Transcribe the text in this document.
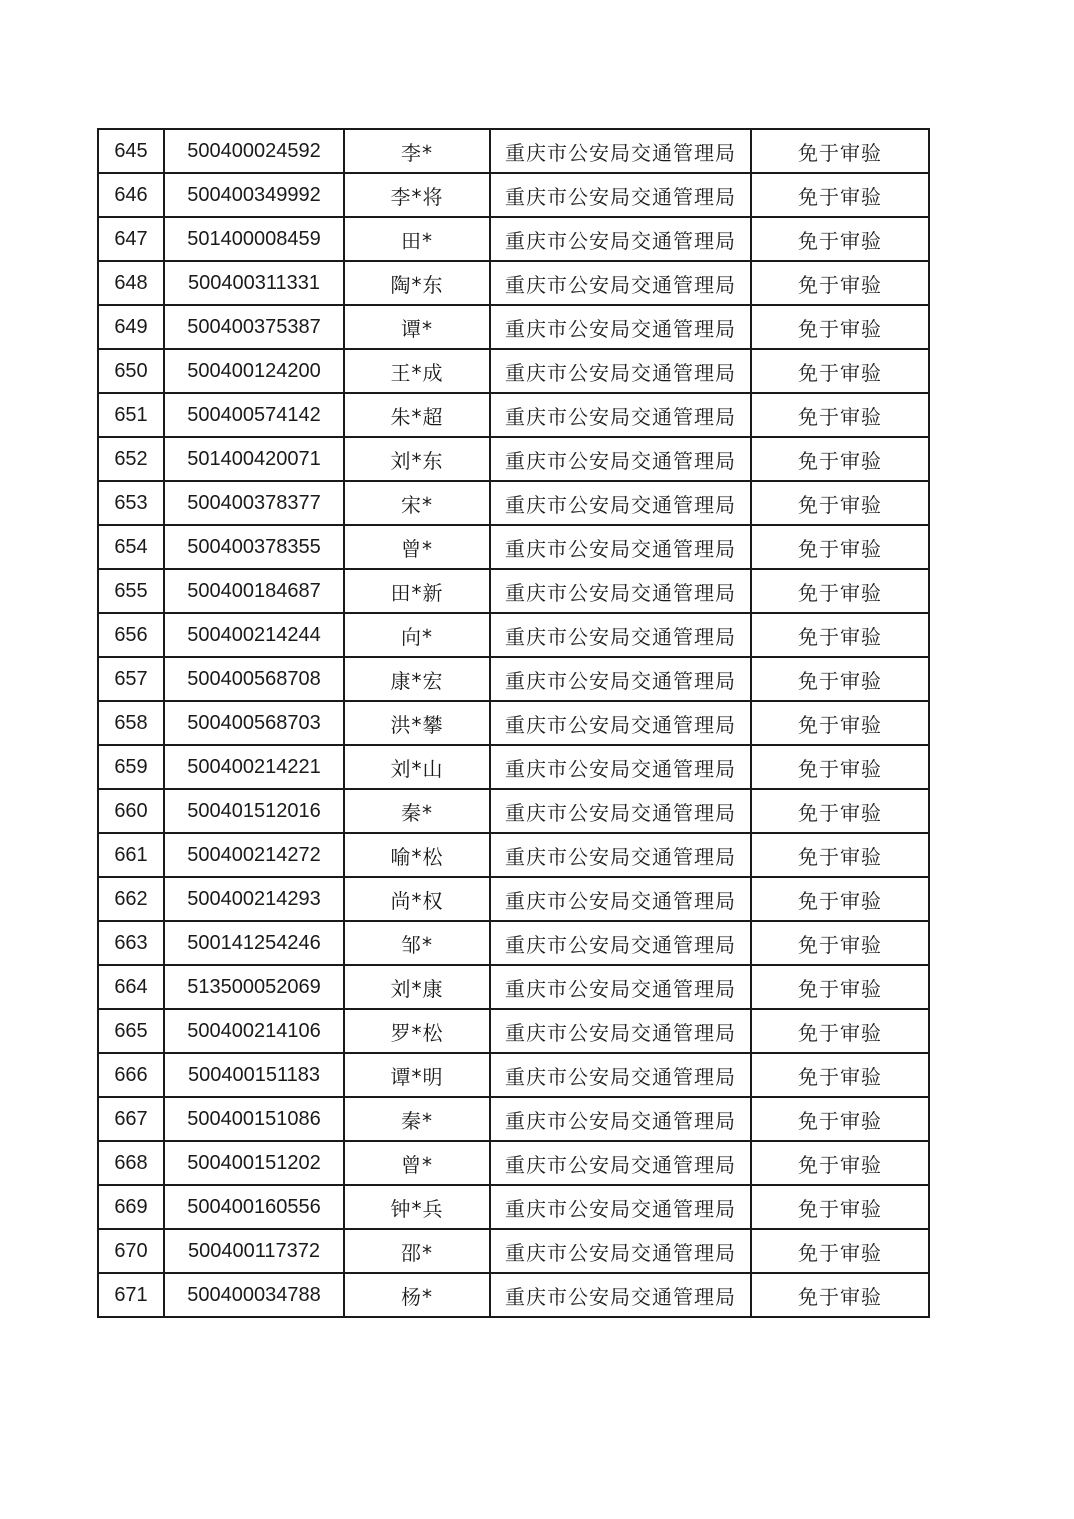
645	500400024592	李*	重庆市公安局交通管理局	免于审验
646	500400349992	李*将	重庆市公安局交通管理局	免于审验
647	501400008459	田*	重庆市公安局交通管理局	免于审验
648	500400311331	陶*东	重庆市公安局交通管理局	免于审验
649	500400375387	谭*	重庆市公安局交通管理局	免于审验
650	500400124200	王*成	重庆市公安局交通管理局	免于审验
651	500400574142	朱*超	重庆市公安局交通管理局	免于审验
652	501400420071	刘*东	重庆市公安局交通管理局	免于审验
653	500400378377	宋*	重庆市公安局交通管理局	免于审验
654	500400378355	曾*	重庆市公安局交通管理局	免于审验
655	500400184687	田*新	重庆市公安局交通管理局	免于审验
656	500400214244	向*	重庆市公安局交通管理局	免于审验
657	500400568708	康*宏	重庆市公安局交通管理局	免于审验
658	500400568703	洪*攀	重庆市公安局交通管理局	免于审验
659	500400214221	刘*山	重庆市公安局交通管理局	免于审验
660	500401512016	秦*	重庆市公安局交通管理局	免于审验
661	500400214272	喻*松	重庆市公安局交通管理局	免于审验
662	500400214293	尚*权	重庆市公安局交通管理局	免于审验
663	500141254246	邹*	重庆市公安局交通管理局	免于审验
664	513500052069	刘*康	重庆市公安局交通管理局	免于审验
665	500400214106	罗*松	重庆市公安局交通管理局	免于审验
666	500400151183	谭*明	重庆市公安局交通管理局	免于审验
667	500400151086	秦*	重庆市公安局交通管理局	免于审验
668	500400151202	曾*	重庆市公安局交通管理局	免于审验
669	500400160556	钟*兵	重庆市公安局交通管理局	免于审验
670	500400117372	邵*	重庆市公安局交通管理局	免于审验
671	500400034788	杨*	重庆市公安局交通管理局	免于审验
